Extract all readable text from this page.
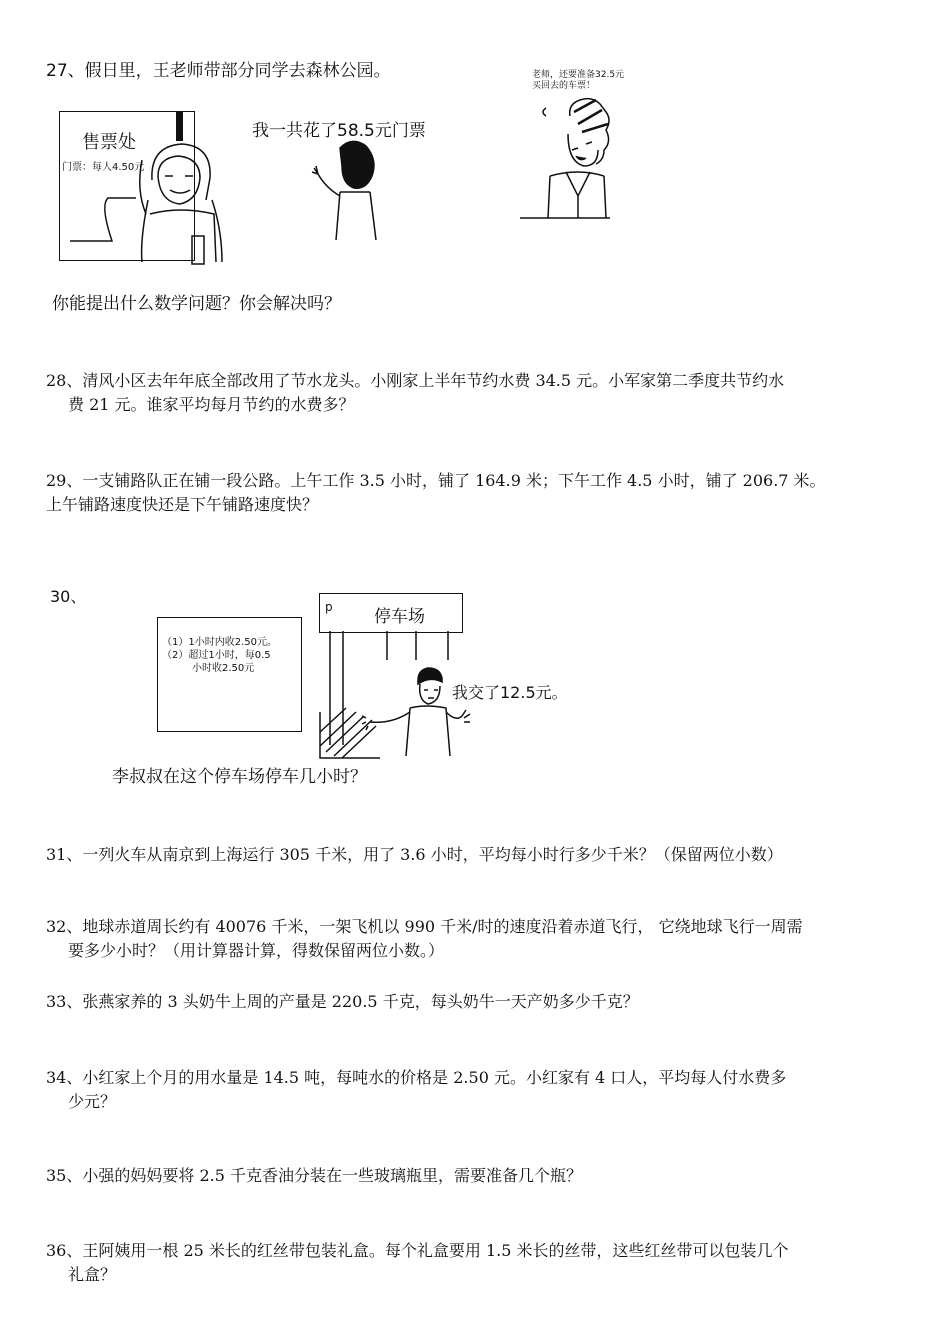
27、假日里，王老师带部分同学去森林公园。
售票处
门票：每人4.50元
我一共花了58.5元门票
老师，还要准备32.5元
买回去的车票！
你能提出什么数学问题？你会解决吗？
28、清风小区去年年底全部改用了节水龙头。小刚家上半年节约水费 34.5 元。小军家第二季度共节约水
费 21 元。谁家平均每月节约的水费多？
29、一支铺路队正在铺一段公路。上午工作 3.5 小时，铺了 164.9 米；下午工作 4.5 小时，铺了 206.7 米。
上午铺路速度快还是下午铺路速度快？
30、
（1）1小时内收2.50元。
（2）超过1小时，每0.5
小时收2.50元
p 停车场
我交了12.5元。
李叔叔在这个停车场停车几小时？
31、一列火车从南京到上海运行 305 千米，用了 3.6 小时，平均每小时行多少千米？（保留两位小数）
32、地球赤道周长约有 40076 千米，一架飞机以 990 千米/时的速度沿着赤道飞行， 它绕地球飞行一周需
要多少小时？（用计算器计算，得数保留两位小数。）
33、张燕家养的 3 头奶牛上周的产量是 220.5 千克，每头奶牛一天产奶多少千克？
34、小红家上个月的用水量是 14.5 吨，每吨水的价格是 2.50 元。小红家有 4 口人，平均每人付水费多
少元？
35、小强的妈妈要将 2.5 千克香油分装在一些玻璃瓶里，需要准备几个瓶？
36、王阿姨用一根 25 米长的红丝带包装礼盒。每个礼盒要用 1.5 米长的丝带，这些红丝带可以包装几个
礼盒？
